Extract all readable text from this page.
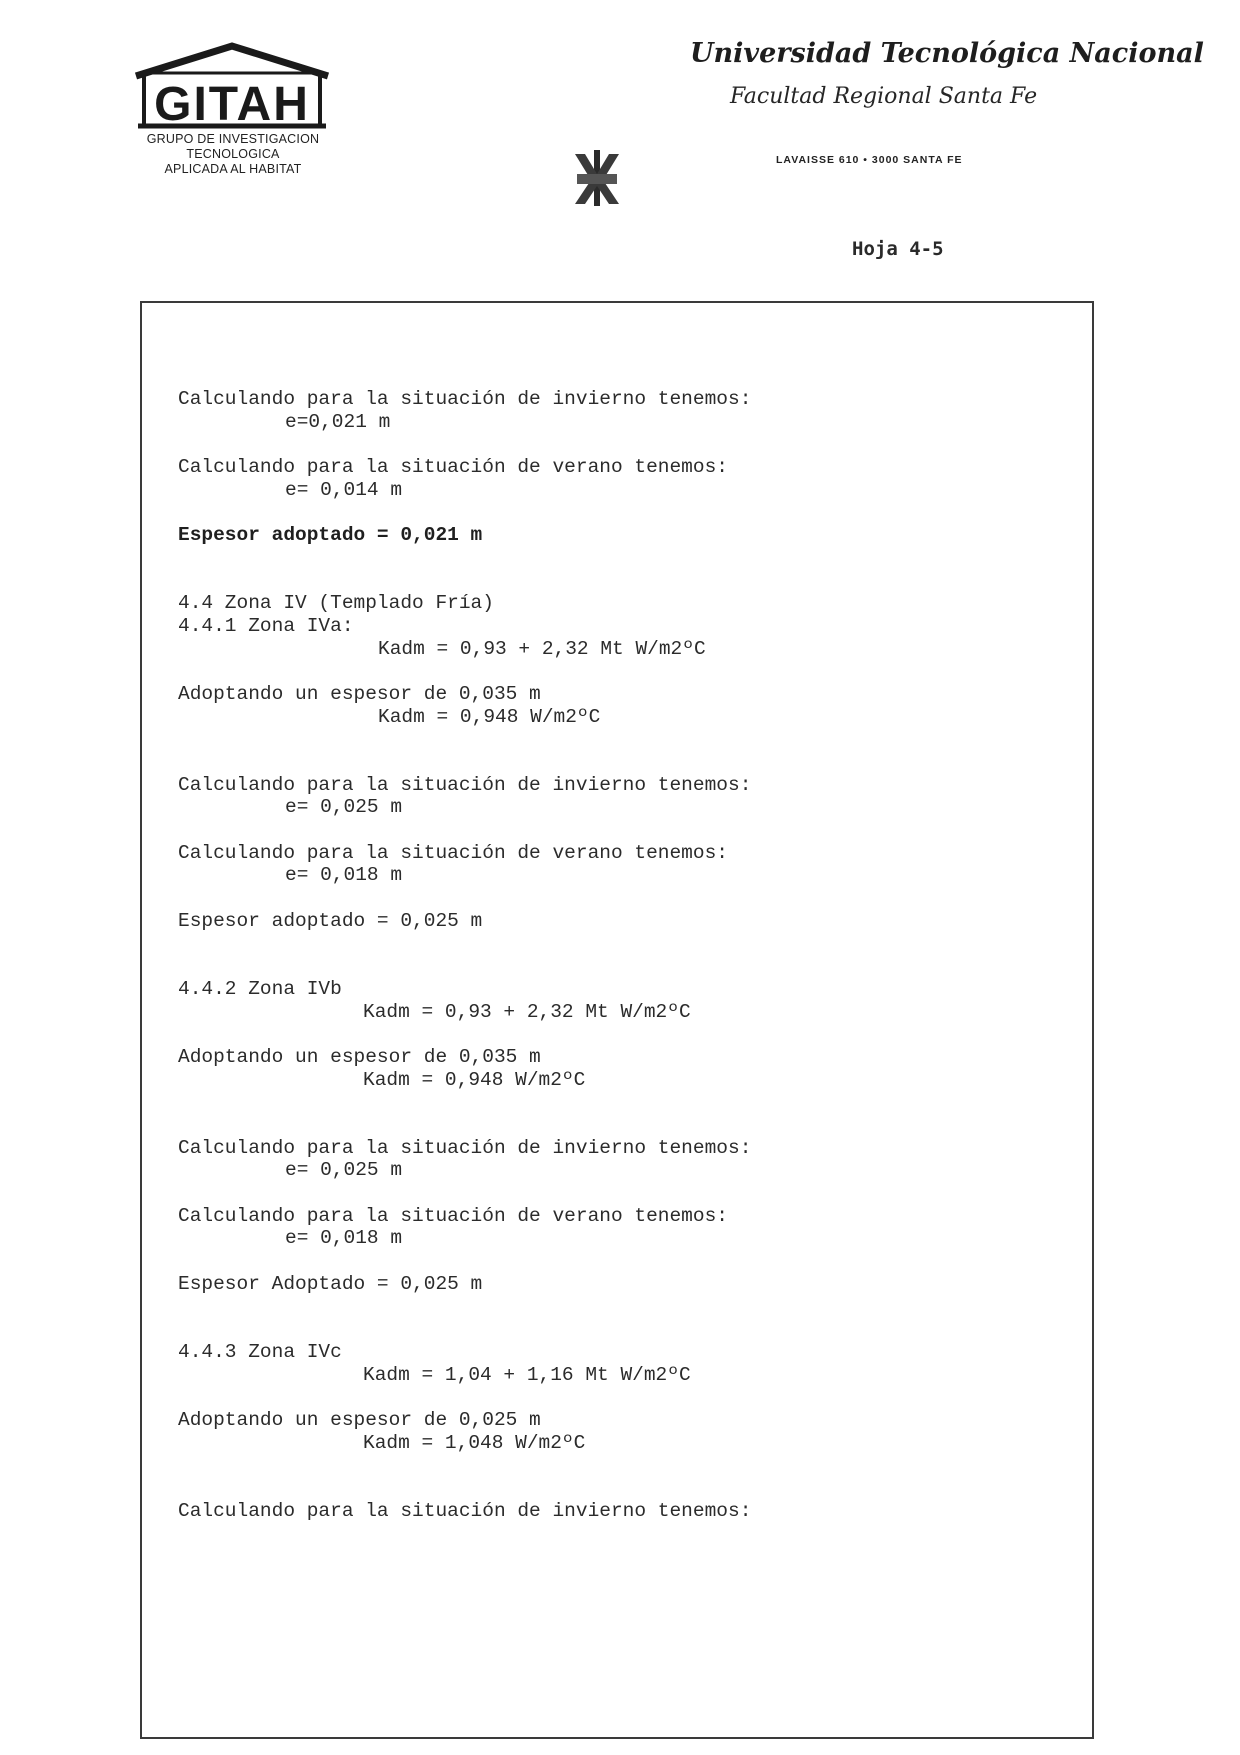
GITAH
GRUPO DE INVESTIGACION
TECNOLOGICA
APLICADA AL HABITAT
Universidad Tecnológica Nacional
Facultad Regional Santa Fe
LAVAISSE 610 • 3000 SANTA FE
Hoja 4-5
Calculando para la situación de invierno tenemos:
e=0,021 m
Calculando para la situación de verano tenemos:
e= 0,014 m
Espesor adoptado = 0,021 m
4.4 Zona IV (Templado Fría)
4.4.1 Zona IVa:
Kadm = 0,93 + 2,32 Mt W/m2ºC
Adoptando un espesor de 0,035 m
Kadm = 0,948 W/m2ºC
Calculando para la situación de invierno tenemos:
e= 0,025 m
Calculando para la situación de verano tenemos:
e= 0,018 m
Espesor adoptado = 0,025 m
4.4.2 Zona IVb
Kadm = 0,93 + 2,32 Mt W/m2ºC
Adoptando un espesor de 0,035 m
Kadm = 0,948 W/m2ºC
Calculando para la situación de invierno tenemos:
e= 0,025 m
Calculando para la situación de verano tenemos:
e= 0,018 m
Espesor Adoptado = 0,025 m
4.4.3 Zona IVc
Kadm = 1,04 + 1,16 Mt W/m2ºC
Adoptando un espesor de 0,025 m
Kadm = 1,048 W/m2ºC
Calculando para la situación de invierno tenemos:
